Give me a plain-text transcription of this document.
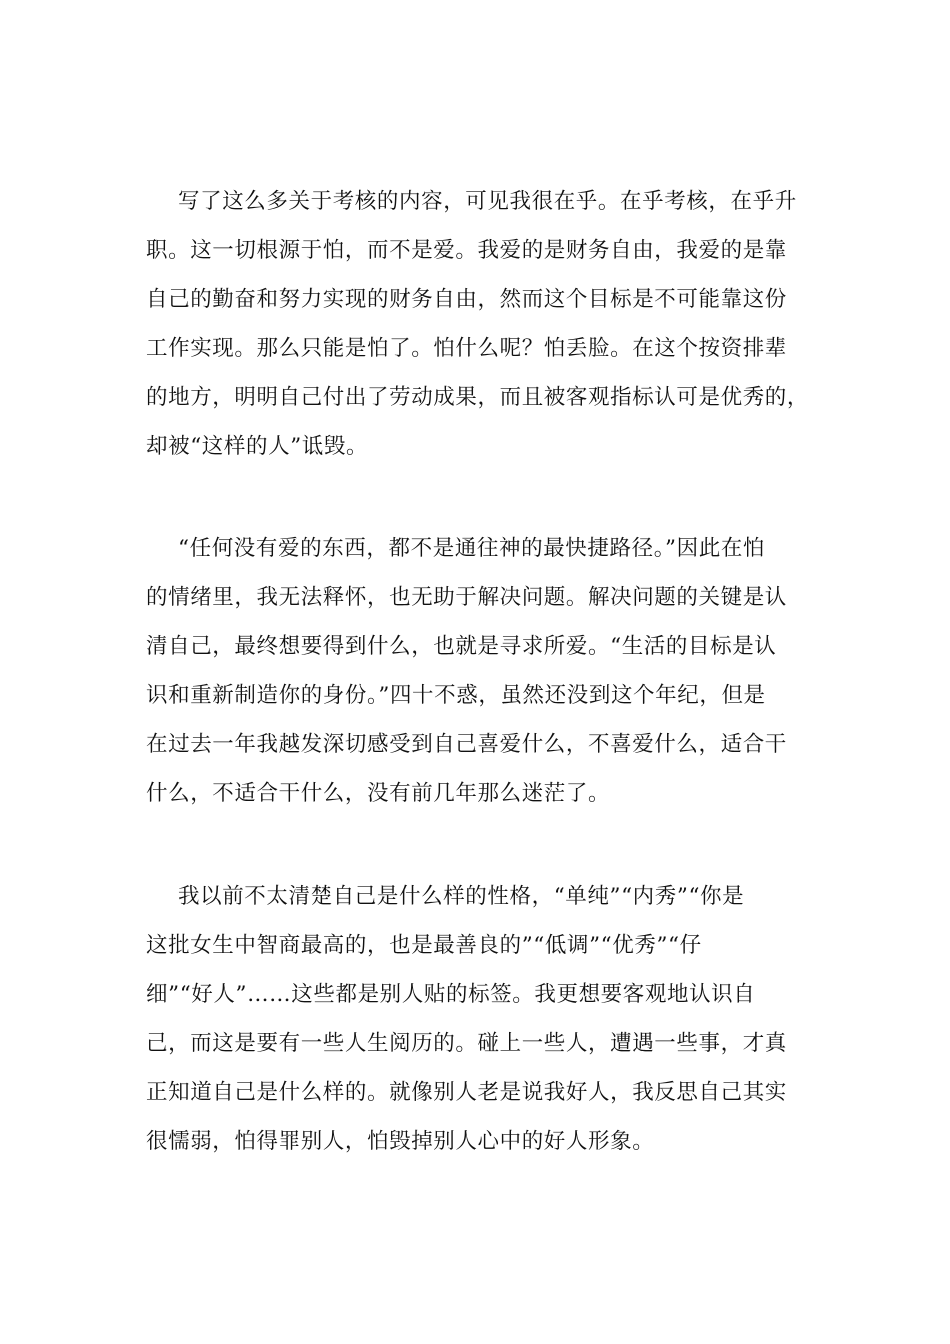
写了这么多关于考核的内容，可见我很在乎。在乎考核，在乎升
职。这一切根源于怕，而不是爱。我爱的是财务自由，我爱的是靠
自己的勤奋和努力实现的财务自由，然而这个目标是不可能靠这份
工作实现。那么只能是怕了。怕什么呢？怕丢脸。在这个按资排辈
的地方，明明自己付出了劳动成果，而且被客观指标认可是优秀的，
却被“这样的人”诋毁。
“任何没有爱的东西，都不是通往神的最快捷路径。”因此在怕
的情绪里，我无法释怀，也无助于解决问题。解决问题的关键是认
清自己，最终想要得到什么，也就是寻求所爱。“生活的目标是认
识和重新制造你的身份。”四十不惑，虽然还没到这个年纪，但是
在过去一年我越发深切感受到自己喜爱什么，不喜爱什么，适合干
什么，不适合干什么，没有前几年那么迷茫了。
我以前不太清楚自己是什么样的性格，“单纯”“内秀”“你是
这批女生中智商最高的，也是最善良的”“低调”“优秀”“仔
细”“好人”……这些都是别人贴的标签。我更想要客观地认识自
己，而这是要有一些人生阅历的。碰上一些人，遭遇一些事，才真
正知道自己是什么样的。就像别人老是说我好人，我反思自己其实
很懦弱，怕得罪别人，怕毁掉别人心中的好人形象。
